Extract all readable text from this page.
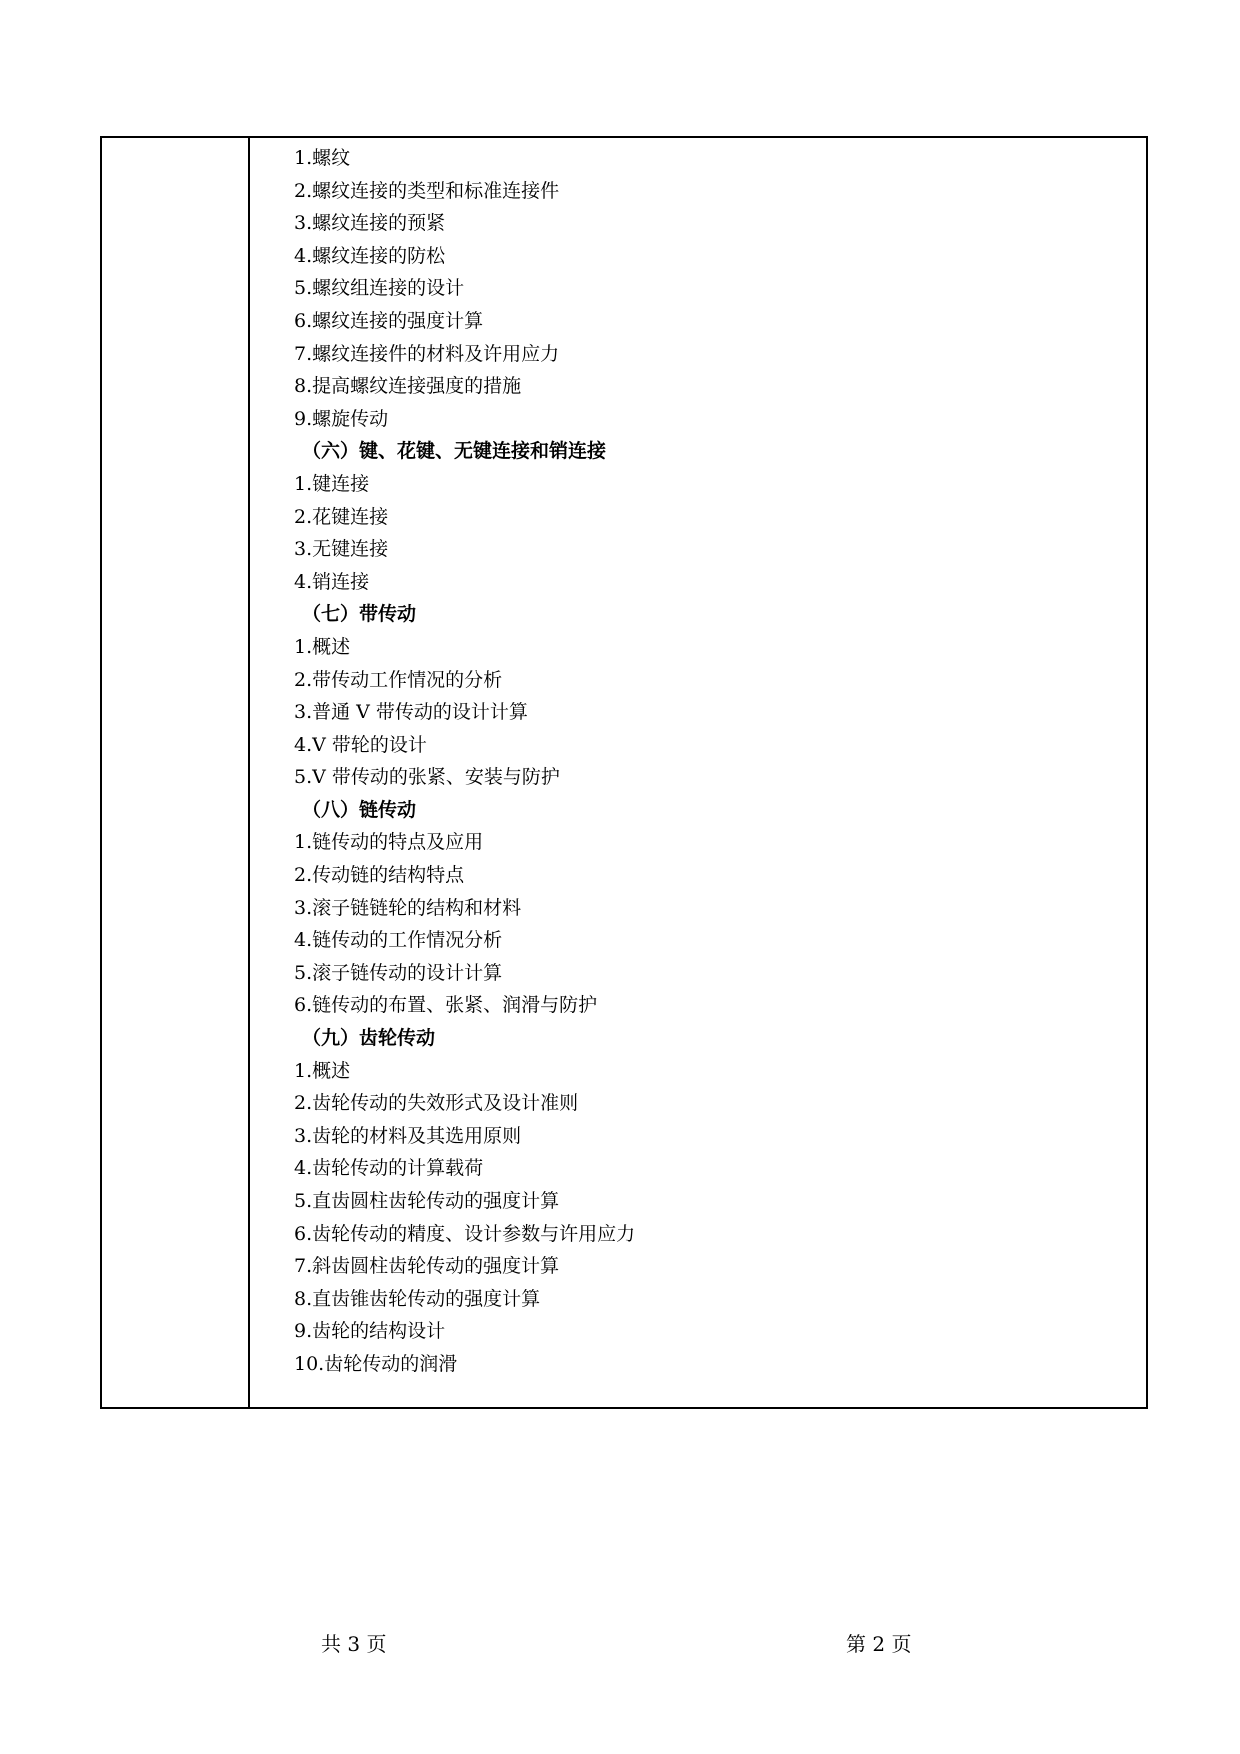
1.螺纹
2.螺纹连接的类型和标准连接件
3.螺纹连接的预紧
4.螺纹连接的防松
5.螺纹组连接的设计
6.螺纹连接的强度计算
7.螺纹连接件的材料及许用应力
8.提高螺纹连接强度的措施
9.螺旋传动
（六）键、花键、无键连接和销连接
1.键连接
2.花键连接
3.无键连接
4.销连接
（七）带传动
1.概述
2.带传动工作情况的分析
3.普通 V 带传动的设计计算
4.V 带轮的设计
5.V 带传动的张紧、安装与防护
（八）链传动
1.链传动的特点及应用
2.传动链的结构特点
3.滚子链链轮的结构和材料
4.链传动的工作情况分析
5.滚子链传动的设计计算
6.链传动的布置、张紧、润滑与防护
（九）齿轮传动
1.概述
2.齿轮传动的失效形式及设计准则
3.齿轮的材料及其选用原则
4.齿轮传动的计算载荷
5.直齿圆柱齿轮传动的强度计算
6.齿轮传动的精度、设计参数与许用应力
7.斜齿圆柱齿轮传动的强度计算
8.直齿锥齿轮传动的强度计算
9.齿轮的结构设计
10.齿轮传动的润滑
共 3 页	第 2 页
